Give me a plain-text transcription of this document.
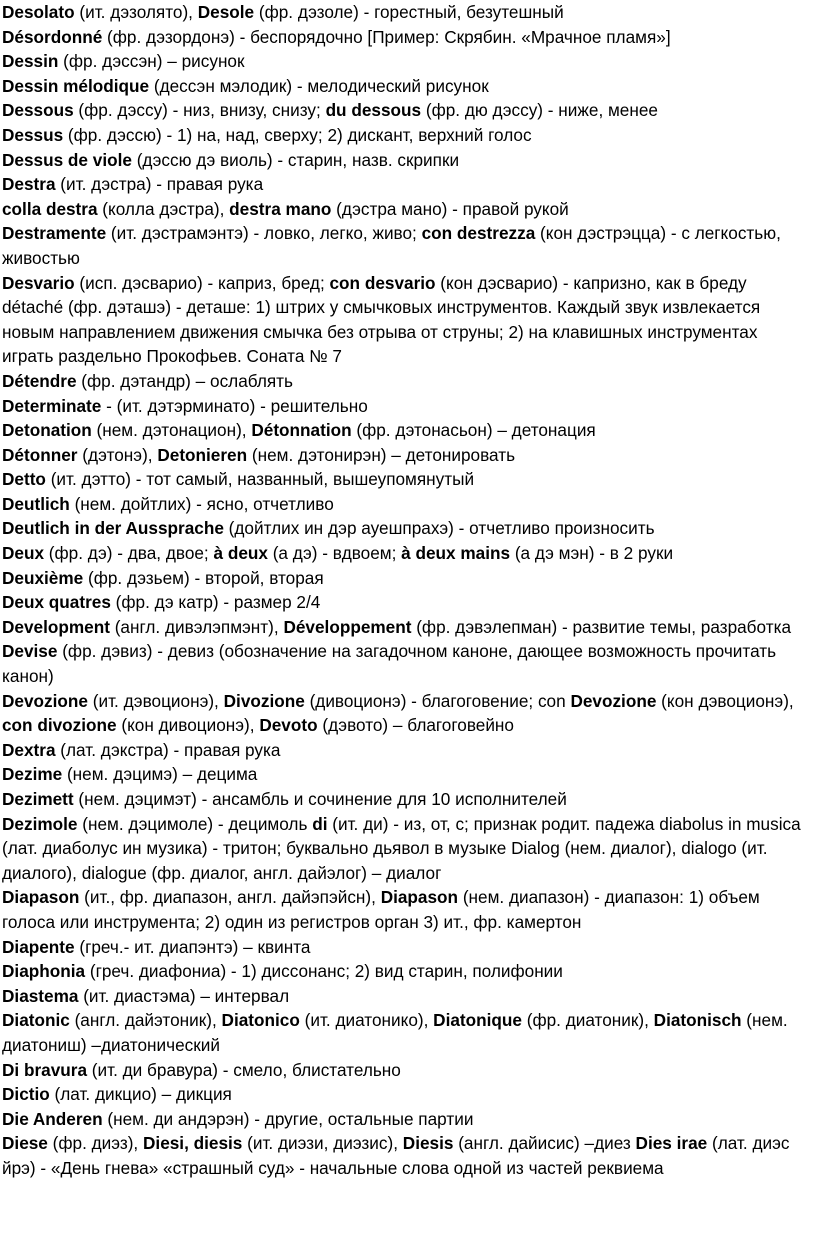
Desolato (ит. дэзолято), Desole (фр. дэзоле) - горестный, безутешный

Désordonné (фр. дэзордонэ) - беспорядочно [Пример: Скрябин. «Мрачное пламя»]

Dessin (фр. дэссэн) – рисунок

Dessin mélodique (дессэн мэлодик) - мелодический рисунок

Dessous (фр. дэссу) - низ, внизу, снизу; du dessous (фр. дю дэссу) - ниже, менее

Dessus (фр. дэссю) - 1) на, над, сверху; 2) дискант, верхний голос

Dessus de viole (дэссю дэ виоль) - старин, назв. скрипки

Destra (ит. дэстра) - правая рука

colla destra (колла дэстра), destra mano (дэстра мано) - правой рукой

Destramente (ит. дэстрамэнтэ) - ловко, легко, живо; con destrezza (кон дэстрэцца) - с легкостью, живостью

Desvario (исп. дэсварио) - каприз, бред; con desvario (кон дэсварио) - капризно, как в бреду détaché (фр. дэташэ) - деташе: 1) штрих у смычковых инструментов. Каждый звук извлекается новым направлением движения смычка без отрыва от струны; 2) на клавишных инструментах играть раздельно Прокофьев. Соната № 7

Détendre (фр. дэтандр) – ослаблять

Determinate - (ит. дэтэрминато) - решительно

Detonation (нем. дэтонацион), Détonnation (фр. дэтонасьон) – детонация

Détonner (дэтонэ), Detonieren (нем. дэтонирэн) – детонировать

Detto (ит. дэтто) - тот самый, названный, вышеупомянутый

Deutlich (нем. дойтлих) - ясно, отчетливо

Deutlich in der Aussprache (дойтлих ин дэр ауешпрахэ) - отчетливо произносить

Deux (фр. дэ) - два, двое; à deux (а дэ) - вдвоем; à deux mains (а дэ мэн) - в 2 руки

Deuxième (фр. дэзьем) - второй, вторая

Deux quatres (фр. дэ катр) - размер 2/4

Development (англ. дивэлэпмэнт), Développement (фр. дэвэлепман) - развитие темы, разработка

Devise (фр. дэвиз) - девиз (обозначение на загадочном каноне, дающее возможность прочитать канон)

Devozione (ит. дэвоционэ), Divozione (дивоционэ) - благоговение; con Devozione (кон дэвоционэ), con divozione (кон дивоционэ), Devoto (дэвото) – благоговейно

Dextra (лат. дэкстра) - правая рука

Dezime (нем. дэцимэ) – децима

Dezimett (нем. дэцимэт) - ансамбль и сочинение для 10 исполнителей

Dezimole (нем. дэцимоле) - децимоль di (ит. ди) - из, от, с; признак родит. падежа diabolus in musica (лат. диаболус ин музика) - тритон; буквально дьявол в музыке Dialog (нем. диалог), dialogo (ит. диалого), dialogue (фр. диалог, англ. дайэлог) – диалог

Diapason (ит., фр. диапазон, англ. дайэпэйсн), Diapason (нем. диапазон) - диапазон: 1) объем голоса или инструмента; 2) один из регистров орган 3) ит., фр. камертон

Diapente (греч.- ит. диапэнтэ) – квинта

Diaphonia (греч. диафониа) - 1) диссонанс; 2) вид старин, полифонии

Diastema (ит. диастэма) – интервал

Diatonic (англ. дайэтоник), Diatonico (ит. диатонико), Diatonique (фр. диатоник), Diatonisch (нем. диатониш) –диатонический

Di bravura (ит. ди бравура) - смело, блистательно

Dictio (лат. дикцио) – дикция

Die Anderen (нем. ди андэрэн) - другие, остальные партии

Diese (фр. диэз), Diesi, diesis (ит. диэзи, диэзис), Diesis (англ. дайисис) –диез Dies irae (лат. диэс йрэ) - «День гнева» «страшный суд» - начальные слова одной из частей реквиема
